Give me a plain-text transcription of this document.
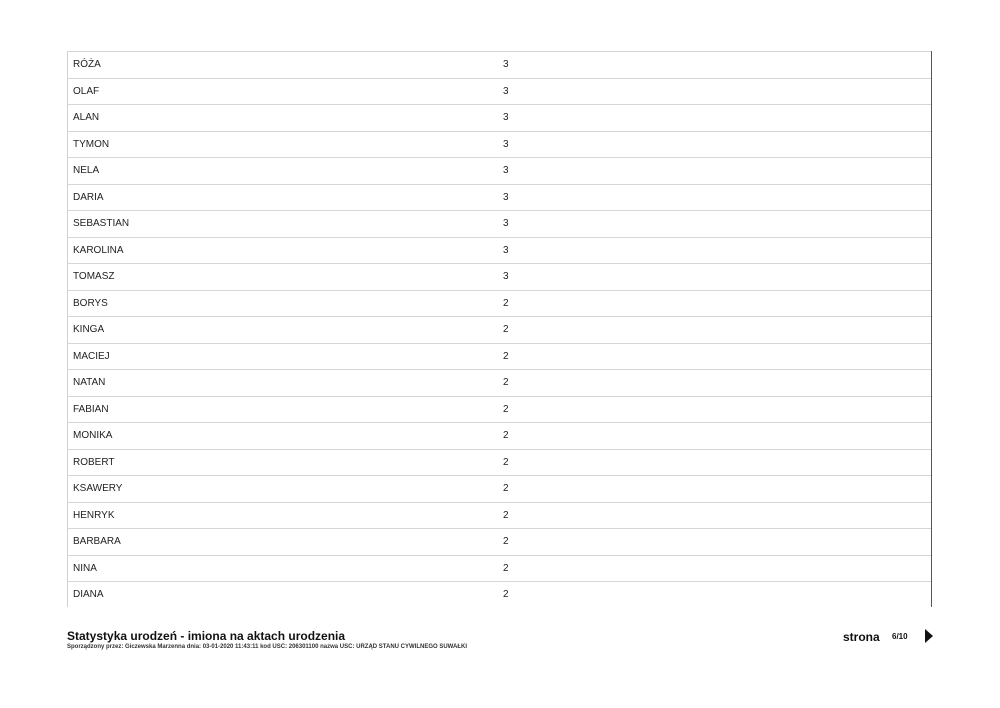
RÓŻA	3
OLAF	3
ALAN	3
TYMON	3
NELA	3
DARIA	3
SEBASTIAN	3
KAROLINA	3
TOMASZ	3
BORYS	2
KINGA	2
MACIEJ	2
NATAN	2
FABIAN	2
MONIKA	2
ROBERT	2
KSAWERY	2
HENRYK	2
BARBARA	2
NINA	2
DIANA	2
Statystyka urodzeń - imiona na aktach urodzenia
Sporządzony przez: Giczewska Marzenna dnia: 03-01-2020 11:43:11 kod USC: 206301100 nazwa USC: URZĄD STANU CYWILNEGO SUWAŁKI
strona 6/10
